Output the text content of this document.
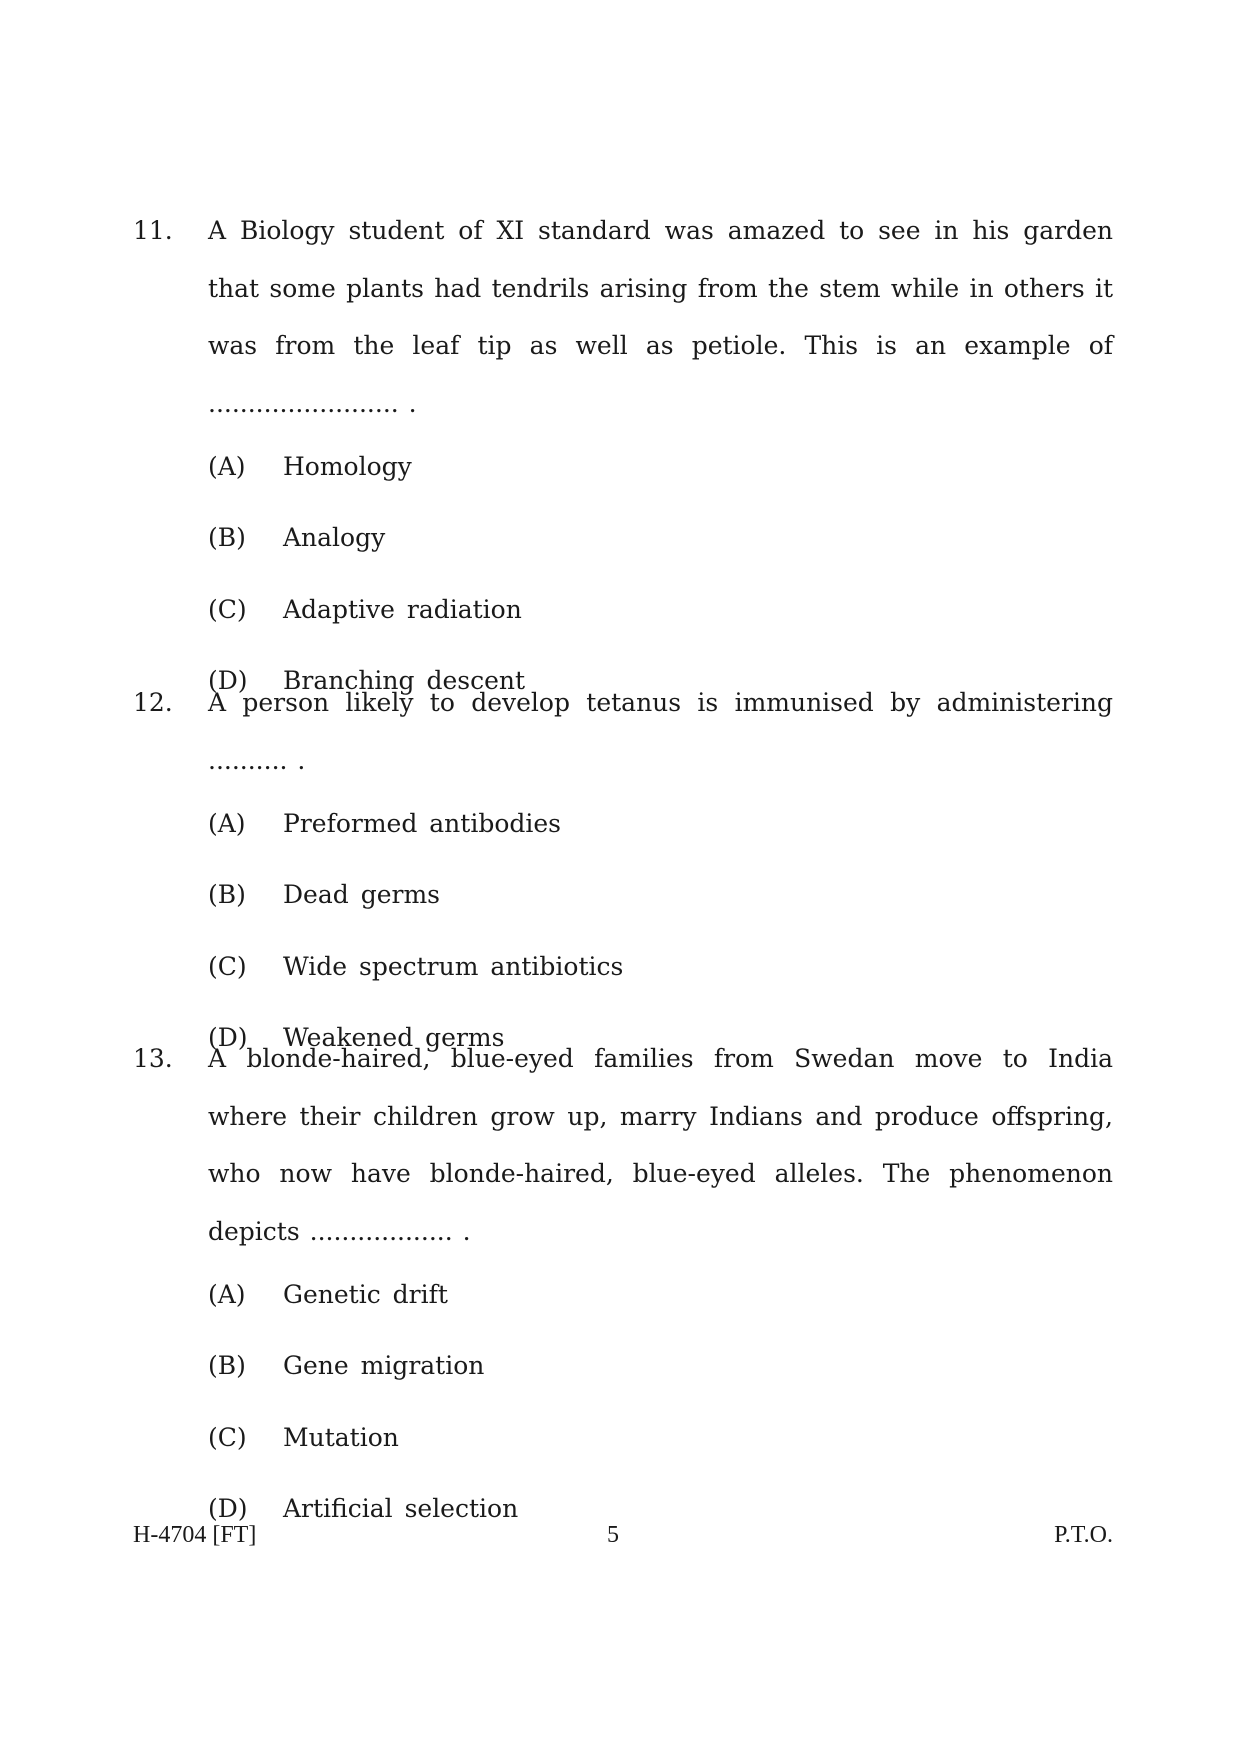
11. A Biology student of XI standard was amazed to see in his garden that some plants had tendrils arising from the stem while in others it was from the leaf tip as well as petiole. This is an example of ........................ .
(A) Homology
(B) Analogy
(C) Adaptive radiation
(D) Branching descent
12. A person likely to develop tetanus is immunised by administering .......... .
(A) Preformed antibodies
(B) Dead germs
(C) Wide spectrum antibiotics
(D) Weakened germs
13. A blonde-haired, blue-eyed families from Swedan move to India where their children grow up, marry Indians and produce offspring, who now have blonde-haired, blue-eyed alleles. The phenomenon depicts .................. .
(A) Genetic drift
(B) Gene migration
(C) Mutation
(D) Artificial selection
H-4704 [FT]	5	P.T.O.
